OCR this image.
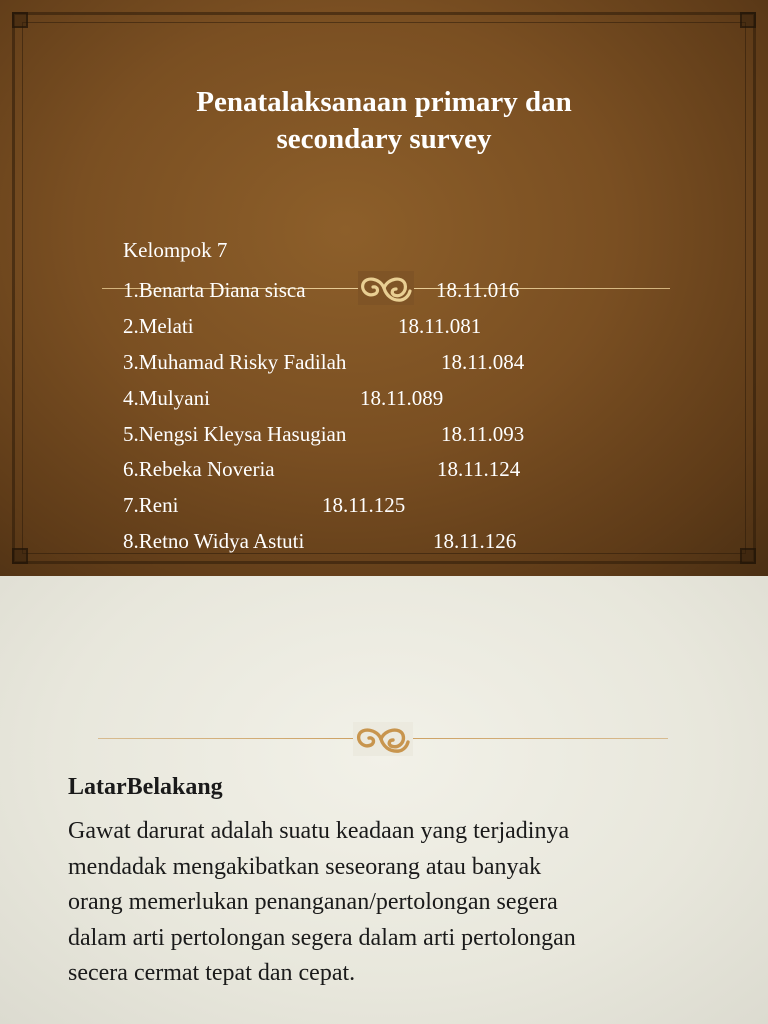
Penatalaksanaan primary dan
secondary survey

Kelompok 7

1.Benarta Diana sisca	18.11.016
2.Melati	18.11.081
3.Muhamad Risky Fadilah	18.11.084
4.Mulyani	18.11.089
5.Nengsi Kleysa Hasugian	18.11.093
6.Rebeka Noveria	18.11.124
7.Reni	18.11.125
8.Retno Widya Astuti	18.11.126
LatarBelakang

Gawat darurat adalah suatu keadaan yang terjadinya
mendadak mengakibatkan seseorang atau banyak
orang memerlukan penanganan/pertolongan segera
dalam arti pertolongan segera dalam arti pertolongan
secera cermat tepat dan cepat.
